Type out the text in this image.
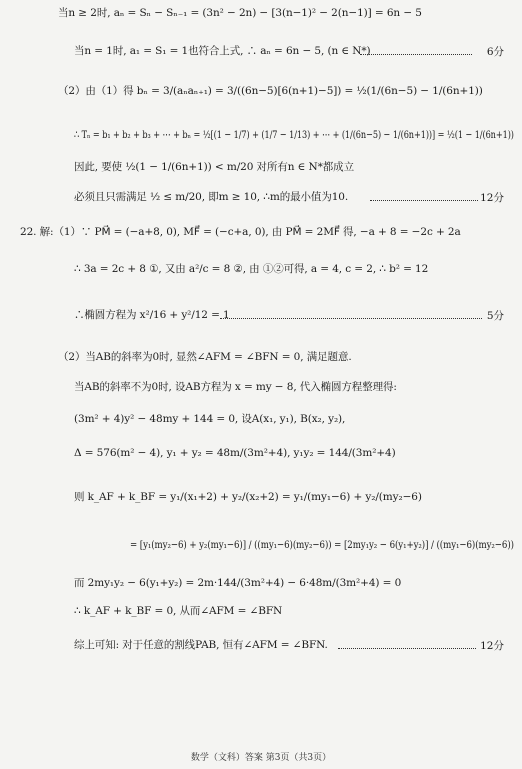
当n ≥ 2时, aₙ = Sₙ − Sₙ₋₁ = (3n² − 2n) − [3(n−1)² − 2(n−1)] = 6n − 5
当n = 1时, a₁ = S₁ = 1也符合上式, ∴ aₙ = 6n − 5, (n ∈ N*)	6分
（2）由（1）得 bₙ = 3/(aₙaₙ₊₁) = 3/((6n−5)[6(n+1)−5]) = ½(1/(6n−5) − 1/(6n+1))
∴ Tₙ = b₁ + b₂ + b₃ + ⋯ + bₙ = ½[(1 − 1/7) + (1/7 − 1/13) + ⋯ + (1/(6n−5) − 1/(6n+1))] = ½(1 − 1/(6n+1))
因此, 要使 ½(1 − 1/(6n+1)) < m/20 对所有n ∈ N*都成立
必须且只需满足 ½ ≤ m/20, 即m ≥ 10, ∴m的最小值为10.	12分
22. 解:（1）∵ PM⃗ = (−a+8, 0), MF⃗ = (−c+a, 0), 由 PM⃗ = 2MF⃗ 得, −a + 8 = −2c + 2a
∴ 3a = 2c + 8 ①, 又由 a²/c = 8 ②, 由 ①②可得, a = 4, c = 2, ∴ b² = 12
∴椭圆方程为 x²/16 + y²/12 = 1	5分
（2）当AB的斜率为0时, 显然∠AFM = ∠BFN = 0, 满足题意.
当AB的斜率不为0时, 设AB方程为 x = my − 8, 代入椭圆方程整理得:
(3m² + 4)y² − 48my + 144 = 0, 设A(x₁, y₁), B(x₂, y₂),
Δ = 576(m² − 4), y₁ + y₂ = 48m/(3m²+4), y₁y₂ = 144/(3m²+4)
则 k_AF + k_BF = y₁/(x₁+2) + y₂/(x₂+2) = y₁/(my₁−6) + y₂/(my₂−6)
= [y₁(my₂−6) + y₂(my₁−6)] / ((my₁−6)(my₂−6)) = [2my₁y₂ − 6(y₁+y₂)] / ((my₁−6)(my₂−6))
而 2my₁y₂ − 6(y₁+y₂) = 2m·144/(3m²+4) − 6·48m/(3m²+4) = 0
∴ k_AF + k_BF = 0, 从而∠AFM = ∠BFN
综上可知: 对于任意的割线PAB, 恒有∠AFM = ∠BFN.	12分
数学（文科）答案 第3页（共3页）
